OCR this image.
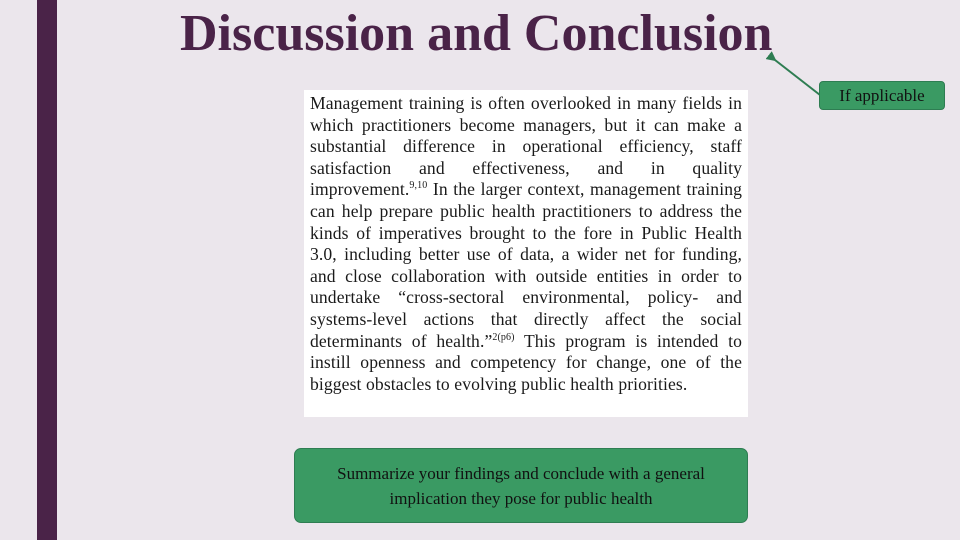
Discussion and Conclusion

Management training is often overlooked in many fields in which practitioners become managers, but it can make a substantial difference in operational efficiency, staff satisfaction and effectiveness, and in quality improvement.$^{9,10}$ In the larger context, management training can help prepare public health practitioners to address the kinds of imperatives brought to the fore in Public Health 3.0, including better use of data, a wider net for funding, and close collaboration with outside entities in order to undertake “cross-sectoral environmental, policy- and systems-level actions that directly affect the social determinants of health.”$^{2(p6)}$ This program is intended to instill openness and competency for change, one of the biggest obstacles to evolving public health priorities.

If applicable
Summarize your findings and conclude with a general implication they pose for public health
